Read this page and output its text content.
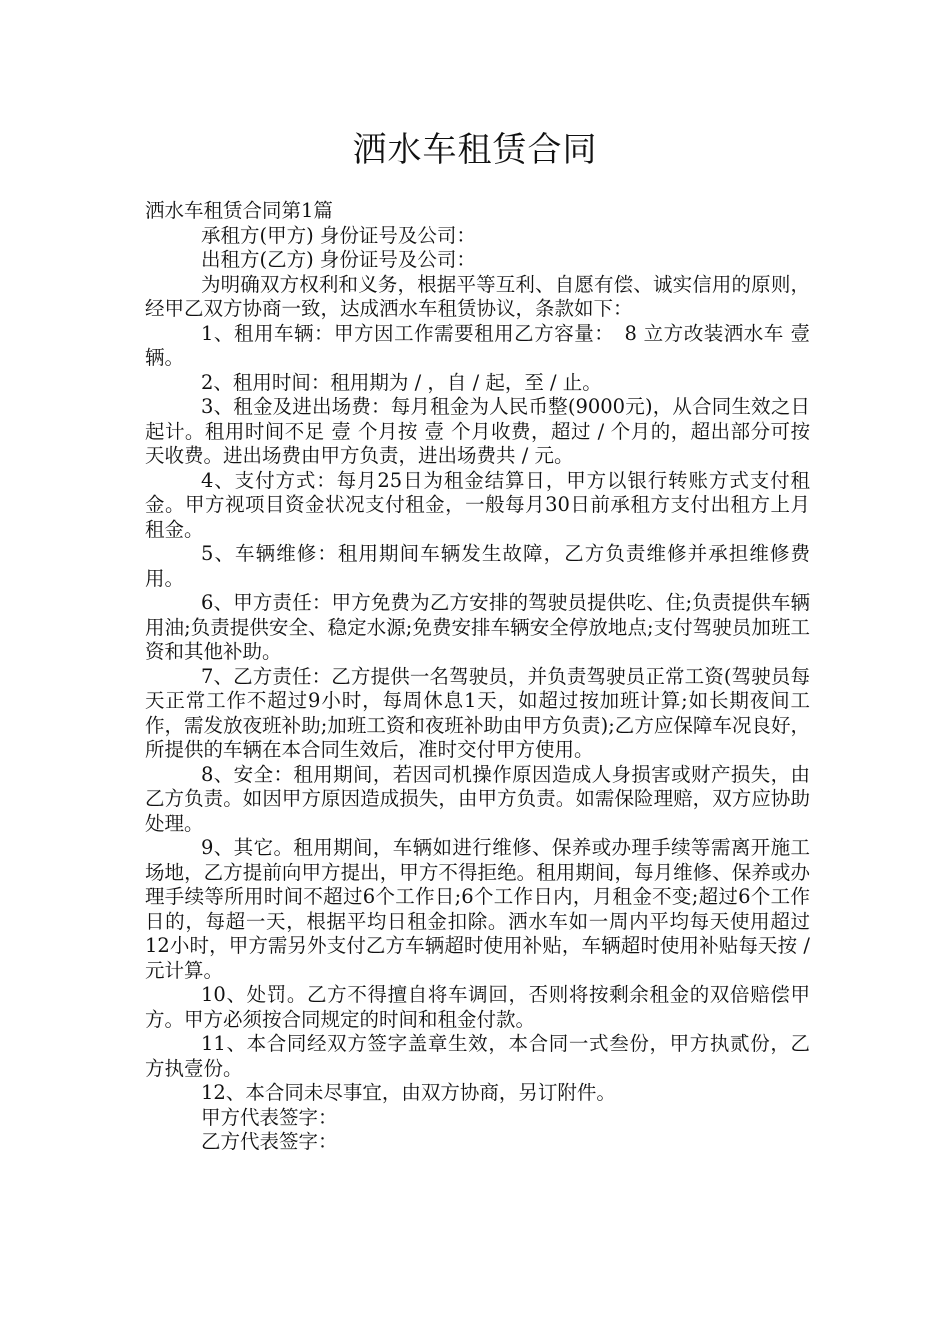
洒水车租赁合同

洒水车租赁合同第1篇

承租方(甲方) 身份证号及公司：

出租方(乙方) 身份证号及公司：

为明确双方权利和义务，根据平等互利、自愿有偿、诚实信用的原则，经甲乙双方协商一致，达成洒水车租赁协议，条款如下：

1、租用车辆：甲方因工作需要租用乙方容量：　8 立方改装洒水车 壹 辆。

2、租用时间：租用期为 / ，自 / 起，至 / 止。

3、租金及进出场费：每月租金为人民币整(9000元)，从合同生效之日起计。租用时间不足 壹 个月按 壹 个月收费，超过 / 个月的，超出部分可按天收费。进出场费由甲方负责，进出场费共 / 元。

4、支付方式：每月25日为租金结算日，甲方以银行转账方式支付租金。甲方视项目资金状况支付租金，一般每月30日前承租方支付出租方上月租金。

5、车辆维修：租用期间车辆发生故障，乙方负责维修并承担维修费用。

6、甲方责任：甲方免费为乙方安排的驾驶员提供吃、住;负责提供车辆用油;负责提供安全、稳定水源;免费安排车辆安全停放地点;支付驾驶员加班工资和其他补助。

7、乙方责任：乙方提供一名驾驶员，并负责驾驶员正常工资(驾驶员每天正常工作不超过9小时，每周休息1天，如超过按加班计算;如长期夜间工作，需发放夜班补助;加班工资和夜班补助由甲方负责);乙方应保障车况良好，所提供的车辆在本合同生效后，准时交付甲方使用。

8、安全：租用期间，若因司机操作原因造成人身损害或财产损失，由乙方负责。如因甲方原因造成损失，由甲方负责。如需保险理赔，双方应协助处理。

9、其它。租用期间，车辆如进行维修、保养或办理手续等需离开施工场地，乙方提前向甲方提出，甲方不得拒绝。租用期间，每月维修、保养或办理手续等所用时间不超过6个工作日;6个工作日内，月租金不变;超过6个工作日的，每超一天，根据平均日租金扣除。洒水车如一周内平均每天使用超过12小时，甲方需另外支付乙方车辆超时使用补贴，车辆超时使用补贴每天按 / 元计算。

10、处罚。乙方不得擅自将车调回，否则将按剩余租金的双倍赔偿甲方。甲方必须按合同规定的时间和租金付款。

11、本合同经双方签字盖章生效，本合同一式叁份，甲方执贰份，乙方执壹份。

12、本合同未尽事宜，由双方协商，另订附件。

甲方代表签字：

乙方代表签字：
